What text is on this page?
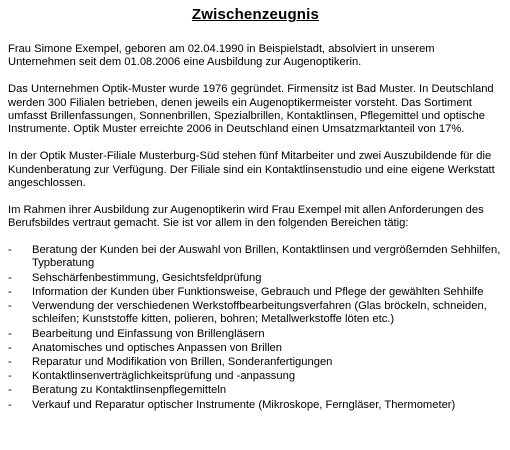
Zwischenzeugnis

Frau Simone Exempel, geboren am 02.04.1990 in Beispielstadt, absolviert in unserem Unternehmen seit dem 01.08.2006 eine Ausbildung zur Augenoptikerin.

Das Unternehmen Optik-Muster wurde 1976 gegründet. Firmensitz ist Bad Muster. In Deutschland werden 300 Filialen betrieben, denen jeweils ein Augenoptikermeister vorsteht. Das Sortiment umfasst Brillenfassungen, Sonnenbrillen, Spezialbrillen, Kontaktlinsen, Pflegemittel und optische Instrumente. Optik Muster erreichte 2006 in Deutschland einen Umsatzmarktanteil von 17%.

In der Optik Muster-Filiale Musterburg-Süd stehen fünf Mitarbeiter und zwei Auszubildende für die Kundenberatung zur Verfügung. Der Filiale sind ein Kontaktlinsenstudio und eine eigene Werkstatt angeschlossen.

Im Rahmen ihrer Ausbildung zur Augenoptikerin wird Frau Exempel mit allen Anforderungen des Berufsbildes vertraut gemacht. Sie ist vor allem in den folgenden Bereichen tätig:

- Beratung der Kunden bei der Auswahl von Brillen, Kontaktlinsen und vergrößernden Sehhilfen, Typberatung
- Sehschärfenbestimmung, Gesichtsfeldprüfung
- Information der Kunden über Funktionsweise, Gebrauch und Pflege der gewählten Sehhilfe
- Verwendung der verschiedenen Werkstoffbearbeitungsverfahren (Glas bröckeln, schneiden, schleifen; Kunststoffe kitten, polieren, bohren; Metallwerkstoffe löten etc.)
- Bearbeitung und Einfassung von Brillengläsern
- Anatomisches und optisches Anpassen von Brillen
- Reparatur und Modifikation von Brillen, Sonderanfertigungen
- Kontaktlinsenverträglichkeitsprüfung und -anpassung
- Beratung zu Kontaktlinsenpflegemitteln
- Verkauf und Reparatur optischer Instrumente (Mikroskope, Ferngläser, Thermometer)
